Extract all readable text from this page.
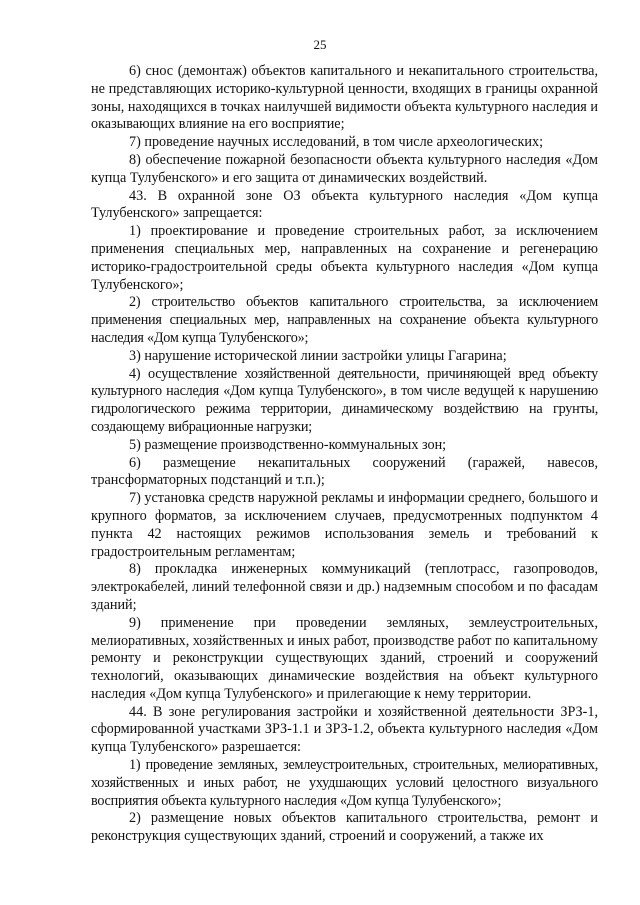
25

6) снос (демонтаж) объектов капитального и некапитального строительства, не представляющих историко-культурной ценности, входящих в границы охранной зоны, находящихся в точках наилучшей видимости объекта культурного наследия и оказывающих влияние на его восприятие;

7) проведение научных исследований, в том числе археологических;

8) обеспечение пожарной безопасности объекта культурного наследия «Дом купца Тулубенского» и его защита от динамических воздействий.

43. В охранной зоне ОЗ объекта культурного наследия «Дом купца Тулубенского» запрещается:

1) проектирование и проведение строительных работ, за исключением применения специальных мер, направленных на сохранение и регенерацию историко-градостроительной среды объекта культурного наследия «Дом купца Тулубенского»;

2) строительство объектов капитального строительства, за исключением применения специальных мер, направленных на сохранение объекта культурного наследия «Дом купца Тулубенского»;

3) нарушение исторической линии застройки улицы Гагарина;

4) осуществление хозяйственной деятельности, причиняющей вред объекту культурного наследия «Дом купца Тулубенского», в том числе ведущей к нарушению гидрологического режима территории, динамическому воздействию на грунты, создающему вибрационные нагрузки;

5) размещение производственно-коммунальных зон;

6) размещение некапитальных сооружений (гаражей, навесов, трансформаторных подстанций и т.п.);

7) установка средств наружной рекламы и информации среднего, большого и крупного форматов, за исключением случаев, предусмотренных подпунктом 4 пункта 42 настоящих режимов использования земель и требований к градостроительным регламентам;

8) прокладка инженерных коммуникаций (теплотрасс, газопроводов, электрокабелей, линий телефонной связи и др.) надземным способом и по фасадам зданий;

9) применение при проведении земляных, землеустроительных, мелиоративных, хозяйственных и иных работ, производстве работ по капитальному ремонту и реконструкции существующих зданий, строений и сооружений технологий, оказывающих динамические воздействия на объект культурного наследия «Дом купца Тулубенского» и прилегающие к нему территории.

44. В зоне регулирования застройки и хозяйственной деятельности ЗРЗ-1, сформированной участками ЗРЗ-1.1 и ЗРЗ-1.2, объекта культурного наследия «Дом купца Тулубенского» разрешается:

1) проведение земляных, землеустроительных, строительных, мелиоративных, хозяйственных и иных работ, не ухудшающих условий целостного визуального восприятия объекта культурного наследия «Дом купца Тулубенского»;

2) размещение новых объектов капитального строительства, ремонт и реконструкция существующих зданий, строений и сооружений, а также их
